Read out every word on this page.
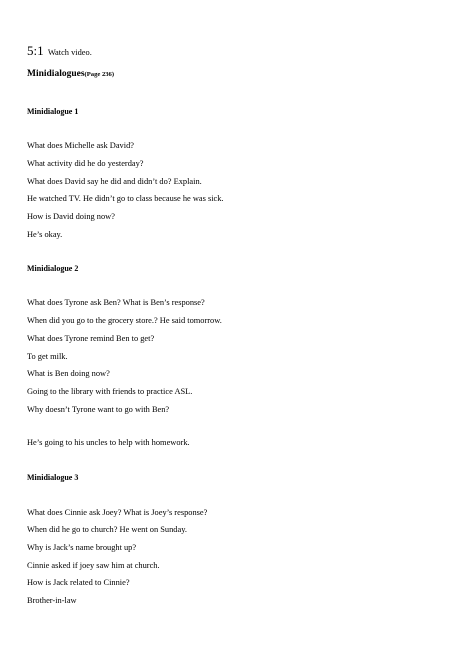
5:1 Watch video.
Minidialogues(Page 236)
Minidialogue 1
What does Michelle ask David?
What activity did he do yesterday?
What does David say he did and didn’t do? Explain.
He watched TV. He didn’t go to class because he was sick.
How is David doing now?
He’s okay.
Minidialogue 2
What does Tyrone ask Ben? What is Ben’s response?
When did you go to the grocery store.? He said tomorrow.
What does Tyrone remind Ben to get?
To get milk.
What is Ben doing now?
Going to the library with friends to practice ASL.
Why doesn’t Tyrone want to go with Ben?
He’s going to his uncles to help with homework.
Minidialogue 3
What does Cinnie ask Joey? What is Joey’s response?
When did he go to church? He went on Sunday.
Why is Jack’s name brought up?
Cinnie asked if joey saw him at church.
How is Jack related to Cinnie?
Brother-in-law
